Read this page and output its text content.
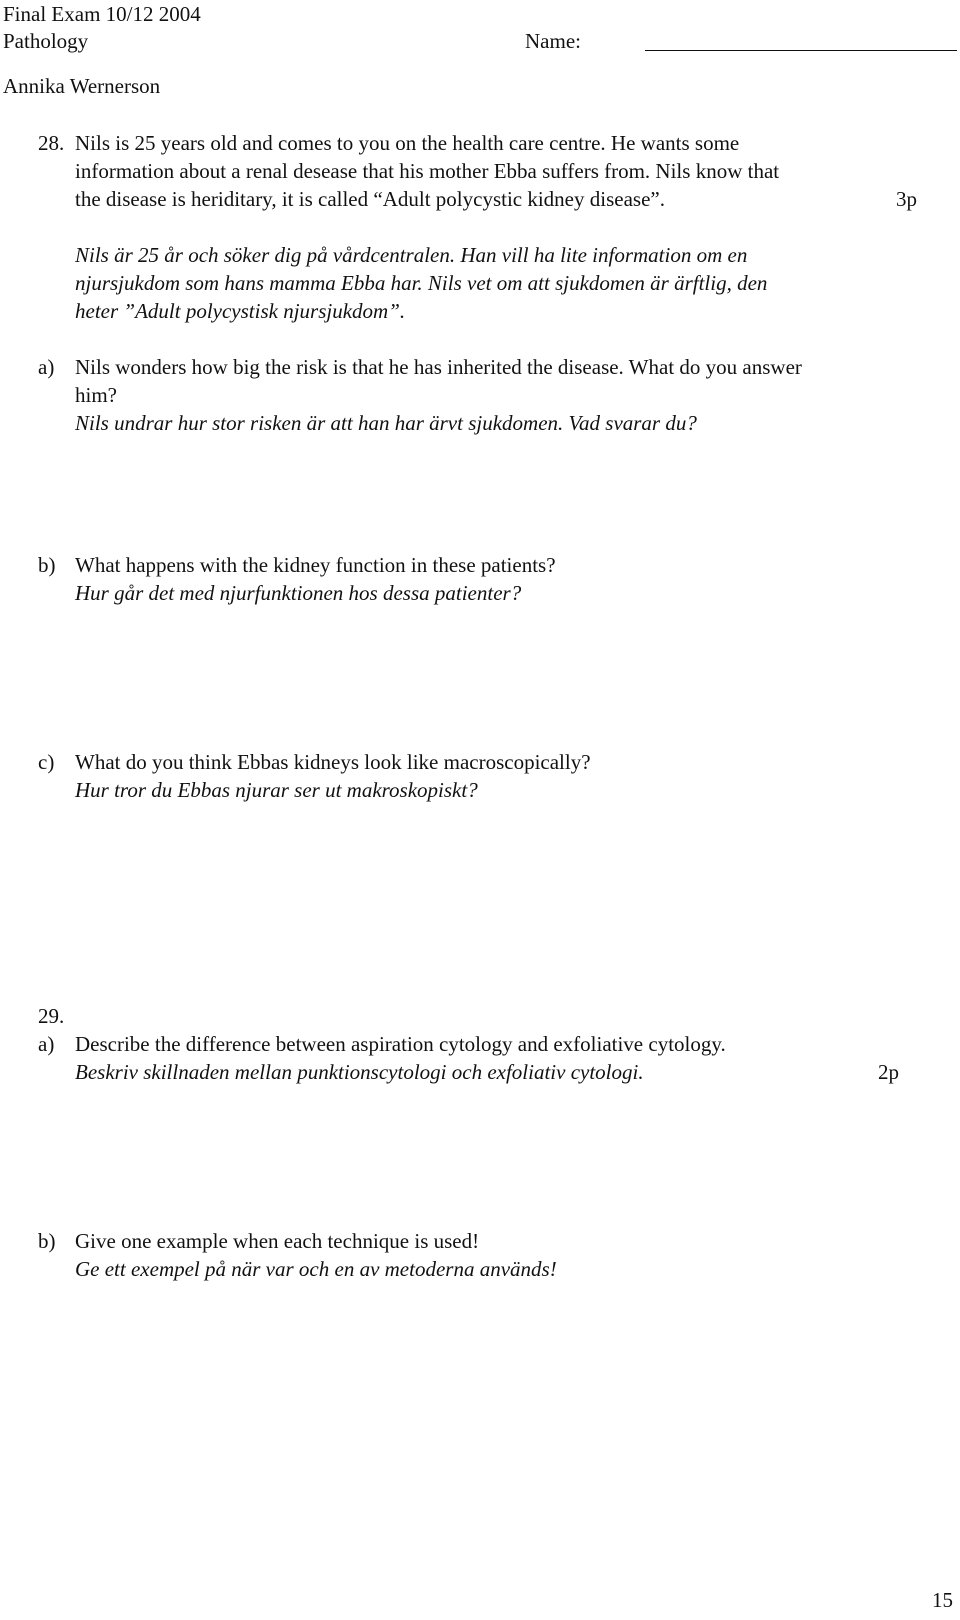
Final Exam 10/12 2004
Pathology	Name:
Annika Wernerson
28. Nils is 25 years old and comes to you on the health care centre. He wants some
information about a renal desease that his mother Ebba suffers from. Nils know that
the disease is heriditary, it is called “Adult polycystic kidney disease”.	3p
Nils är 25 år och söker dig på vårdcentralen. Han vill ha lite information om en
njursjukdom som hans mamma Ebba har. Nils vet om att sjukdomen är ärftlig, den
heter ”Adult polycystisk njursjukdom”.
a) Nils wonders how big the risk is that he has inherited the disease. What do you answer
him?
Nils undrar hur stor risken är att han har ärvt sjukdomen. Vad svarar du?
b) What happens with the kidney function in these patients?
Hur går det med njurfunktionen hos dessa patienter?
c) What do you think Ebbas kidneys look like macroscopically?
Hur tror du Ebbas njurar ser ut makroskopiskt?
29.
a) Describe the difference between aspiration cytology and exfoliative cytology.
Beskriv skillnaden mellan punktionscytologi och exfoliativ cytologi.	2p
b) Give one example when each technique is used!
Ge ett exempel på när var och en av metoderna används!
15
